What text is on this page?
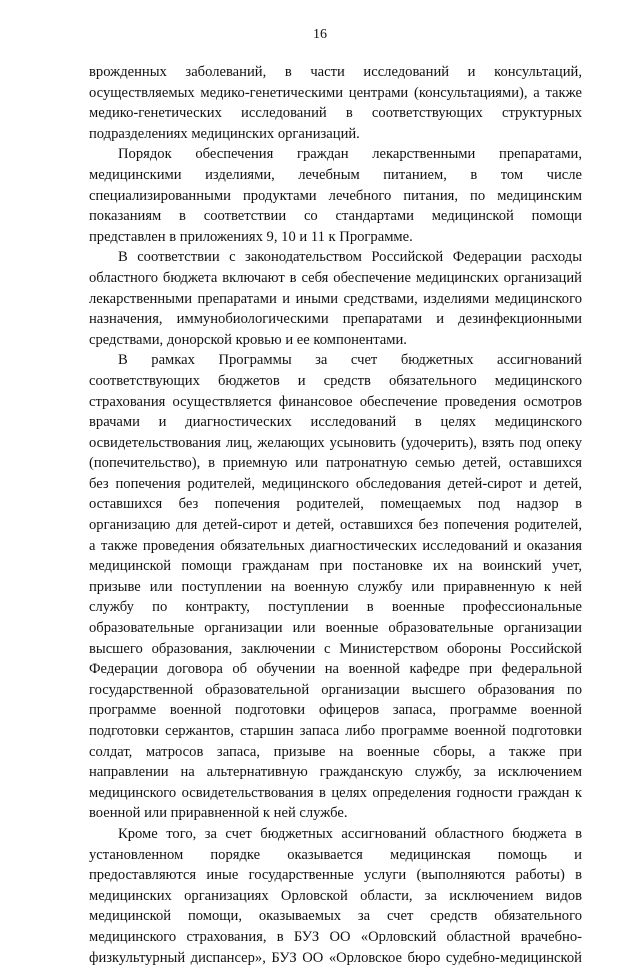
16
врожденных заболеваний, в части исследований и консультаций,
осуществляемых медико-генетическими центрами (консультациями), а также
медико-генетических исследований в соответствующих структурных
подразделениях медицинских организаций.
Порядок обеспечения граждан лекарственными препаратами,
медицинскими изделиями, лечебным питанием, в том числе
специализированными продуктами лечебного питания, по медицинским
показаниям в соответствии со стандартами медицинской помощи
представлен в приложениях 9, 10 и 11 к Программе.
В соответствии с законодательством Российской Федерации расходы
областного бюджета включают в себя обеспечение медицинских организаций
лекарственными препаратами и иными средствами, изделиями медицинского
назначения, иммунобиологическими препаратами и дезинфекционными
средствами, донорской кровью и ее компонентами.
В рамках Программы за счет бюджетных ассигнований
соответствующих бюджетов и средств обязательного медицинского
страхования осуществляется финансовое обеспечение проведения осмотров
врачами и диагностических исследований в целях медицинского
освидетельствования лиц, желающих усыновить (удочерить), взять под опеку
(попечительство), в приемную или патронатную семью детей, оставшихся
без попечения родителей, медицинского обследования детей-сирот и детей,
оставшихся без попечения родителей, помещаемых под надзор в
организацию для детей-сирот и детей, оставшихся без попечения родителей,
а также проведения обязательных диагностических исследований и оказания
медицинской помощи гражданам при постановке их на воинский учет,
призыве или поступлении на военную службу или приравненную к ней
службу по контракту, поступлении в военные профессиональные
образовательные организации или военные образовательные организации
высшего образования, заключении с Министерством обороны Российской
Федерации договора об обучении на военной кафедре при федеральной
государственной образовательной организации высшего образования по
программе военной подготовки офицеров запаса, программе военной
подготовки сержантов, старшин запаса либо программе военной подготовки
солдат, матросов запаса, призыве на военные сборы, а также при
направлении на альтернативную гражданскую службу, за исключением
медицинского освидетельствования в целях определения годности граждан к
военной или приравненной к ней службе.
Кроме того, за счет бюджетных ассигнований областного бюджета в
установленном порядке оказывается медицинская помощь и
предоставляются иные государственные услуги (выполняются работы) в
медицинских организациях Орловской области, за исключением видов
медицинской помощи, оказываемых за счет средств обязательного
медицинского страхования, в БУЗ ОО «Орловский областной врачебно-
физкультурный диспансер», БУЗ ОО «Орловское бюро судебно-медицинской
